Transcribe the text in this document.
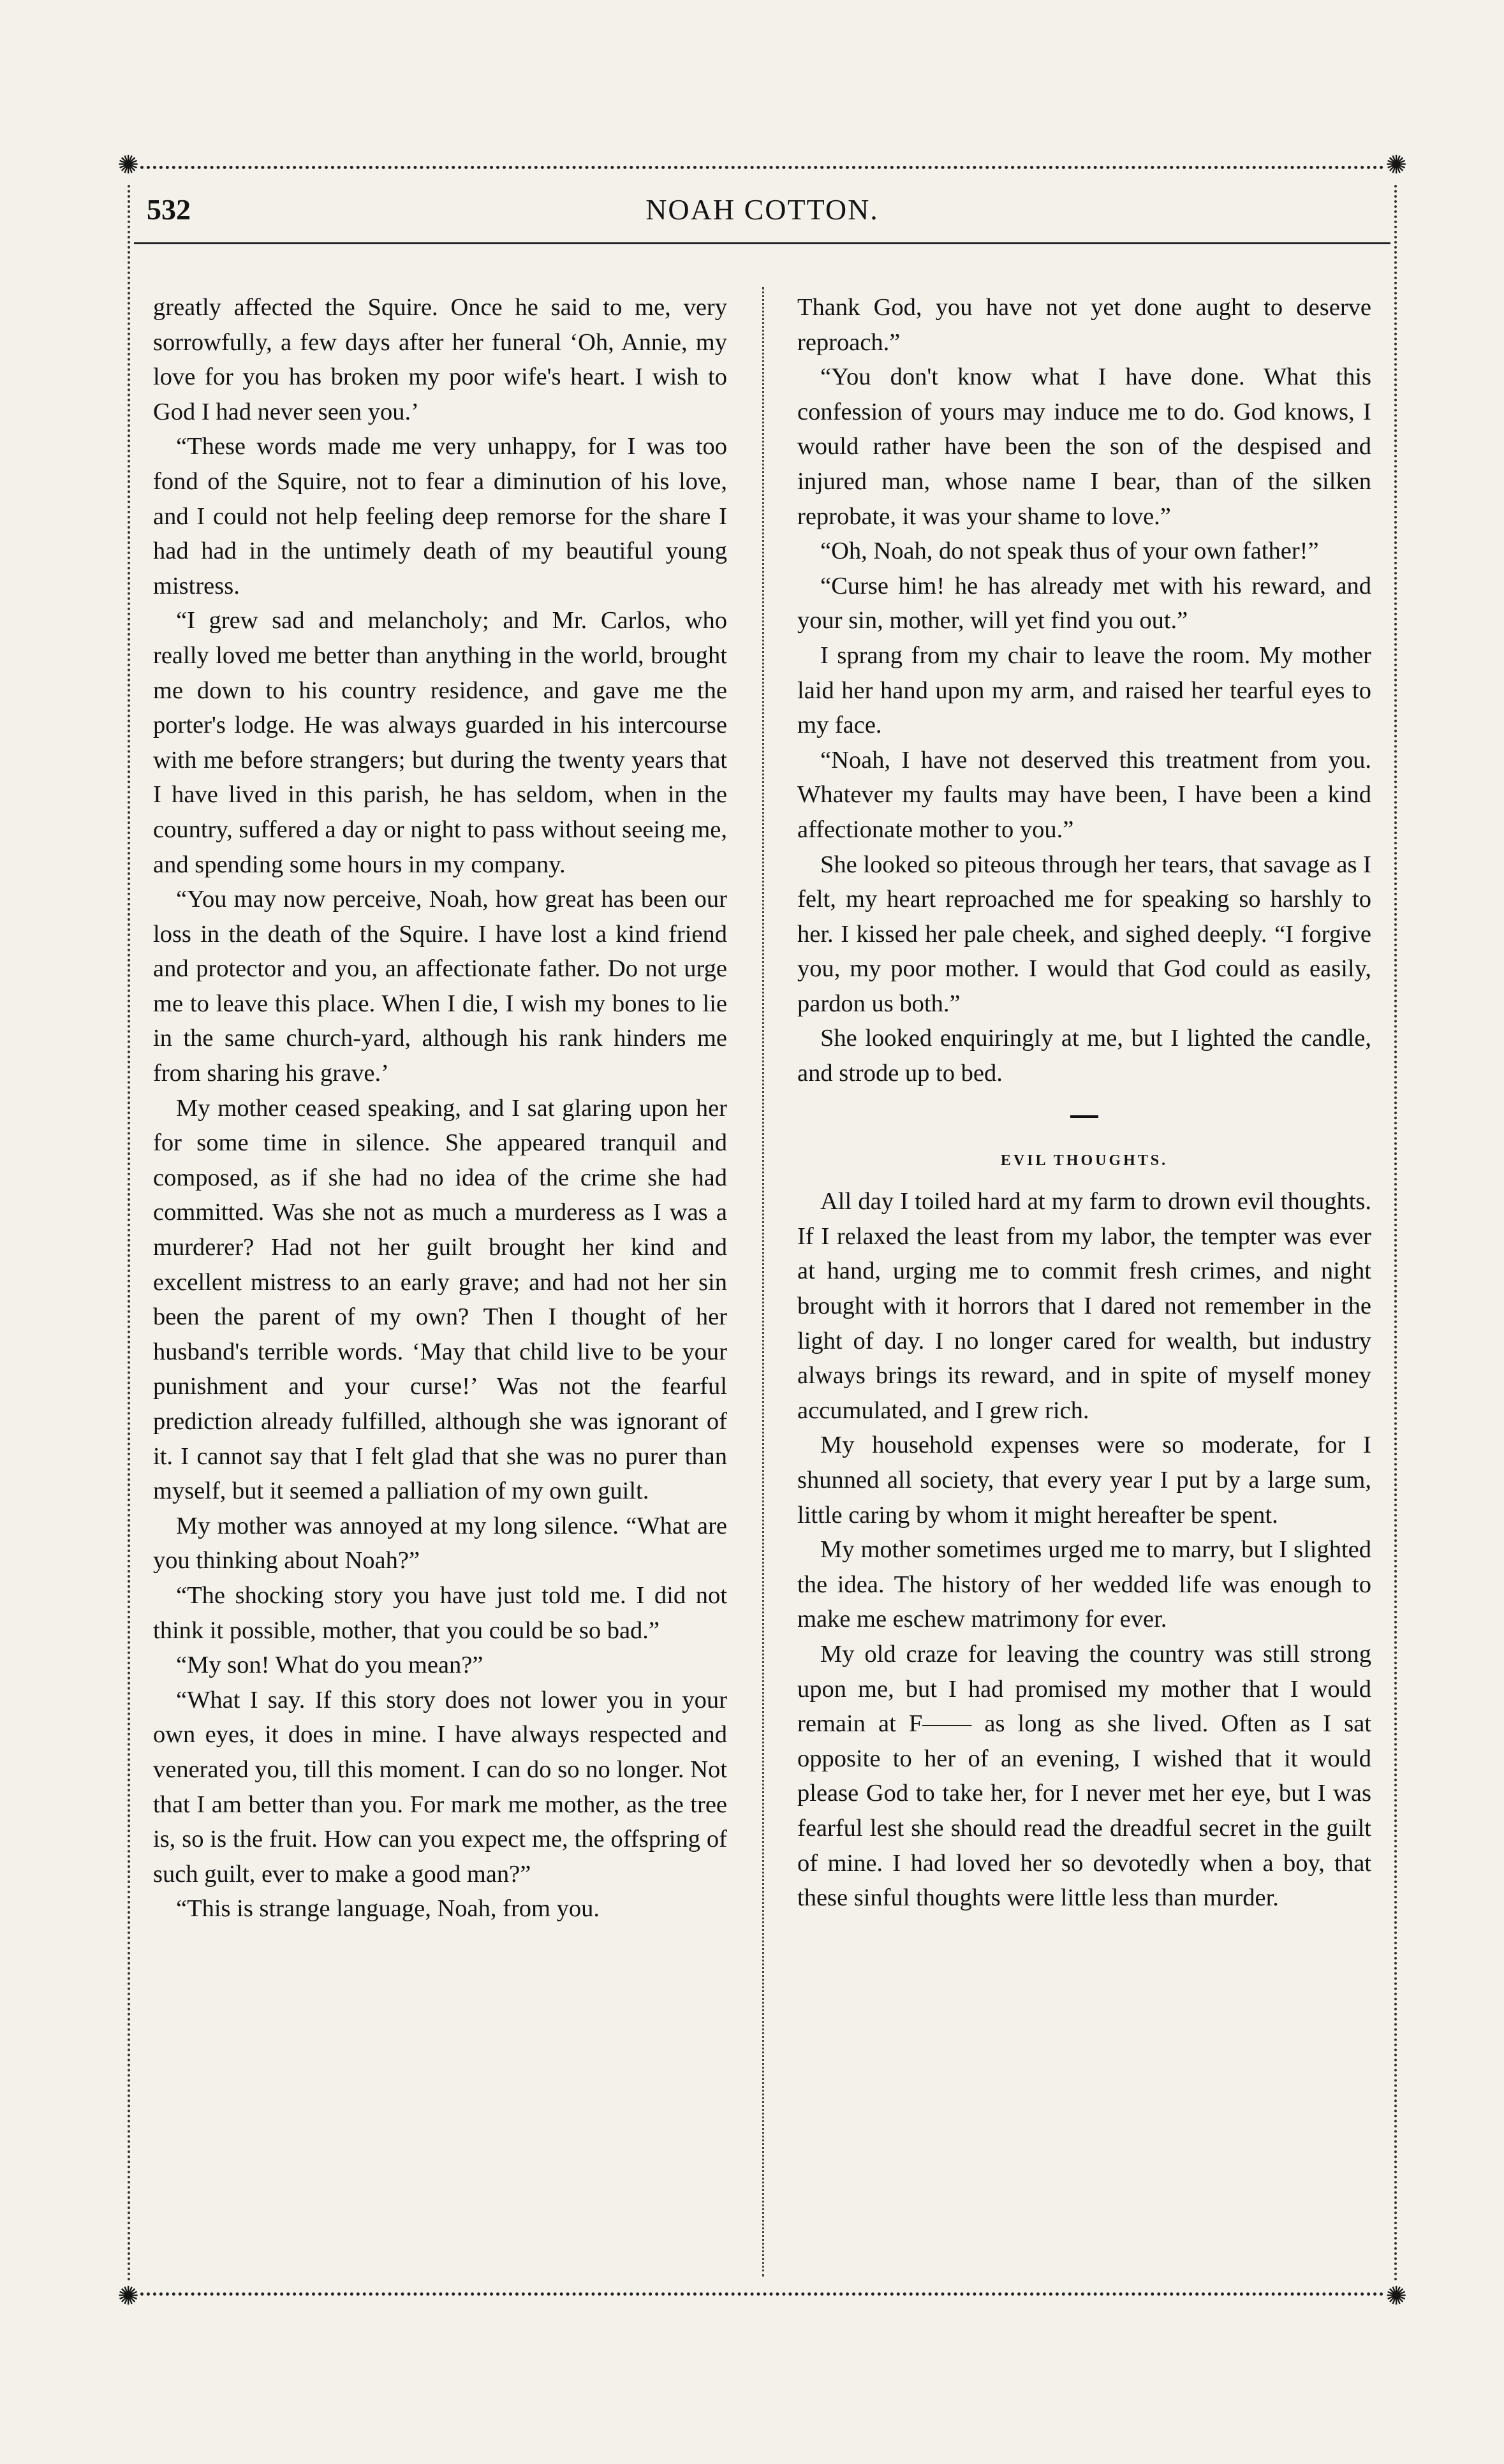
✺	✺
✺	✺
532	NOAH COTTON.

greatly affected the Squire. Once he said to me, very sorrowfully, a few days after her funeral ‘Oh, Annie, my love for you has broken my poor wife's heart. I wish to God I had never seen you.’

“These words made me very unhappy, for I was too fond of the Squire, not to fear a diminution of his love, and I could not help feeling deep remorse for the share I had had in the untimely death of my beautiful young mistress.

“I grew sad and melancholy; and Mr. Carlos, who really loved me better than anything in the world, brought me down to his country residence, and gave me the porter's lodge. He was always guarded in his intercourse with me before strangers; but during the twenty years that I have lived in this parish, he has seldom, when in the country, suffered a day or night to pass without seeing me, and spending some hours in my company.

“You may now perceive, Noah, how great has been our loss in the death of the Squire. I have lost a kind friend and protector and you, an affectionate father. Do not urge me to leave this place. When I die, I wish my bones to lie in the same church-yard, although his rank hinders me from sharing his grave.’

My mother ceased speaking, and I sat glaring upon her for some time in silence. She appeared tranquil and composed, as if she had no idea of the crime she had committed. Was she not as much a murderess as I was a murderer? Had not her guilt brought her kind and excellent mistress to an early grave; and had not her sin been the parent of my own? Then I thought of her husband's terrible words. ‘May that child live to be your punishment and your curse!’ Was not the fearful prediction already fulfilled, although she was ignorant of it. I cannot say that I felt glad that she was no purer than myself, but it seemed a palliation of my own guilt.

My mother was annoyed at my long silence. “What are you thinking about Noah?”

“The shocking story you have just told me. I did not think it possible, mother, that you could be so bad.”

“My son! What do you mean?”

“What I say. If this story does not lower you in your own eyes, it does in mine. I have always respected and venerated you, till this moment. I can do so no longer. Not that I am better than you. For mark me mother, as the tree is, so is the fruit. How can you expect me, the offspring of such guilt, ever to make a good man?”

“This is strange language, Noah, from you.

Thank God, you have not yet done aught to deserve reproach.”

“You don't know what I have done. What this confession of yours may induce me to do. God knows, I would rather have been the son of the despised and injured man, whose name I bear, than of the silken reprobate, it was your shame to love.”

“Oh, Noah, do not speak thus of your own father!”

“Curse him! he has already met with his reward, and your sin, mother, will yet find you out.”

I sprang from my chair to leave the room. My mother laid her hand upon my arm, and raised her tearful eyes to my face.

“Noah, I have not deserved this treatment from you. Whatever my faults may have been, I have been a kind affectionate mother to you.”

She looked so piteous through her tears, that savage as I felt, my heart reproached me for speaking so harshly to her. I kissed her pale cheek, and sighed deeply. “I forgive you, my poor mother. I would that God could as easily, pardon us both.”

She looked enquiringly at me, but I lighted the candle, and strode up to bed.

EVIL THOUGHTS.

All day I toiled hard at my farm to drown evil thoughts. If I relaxed the least from my labor, the tempter was ever at hand, urging me to commit fresh crimes, and night brought with it horrors that I dared not remember in the light of day. I no longer cared for wealth, but industry always brings its reward, and in spite of myself money accumulated, and I grew rich.

My household expenses were so moderate, for I shunned all society, that every year I put by a large sum, little caring by whom it might hereafter be spent.

My mother sometimes urged me to marry, but I slighted the idea. The history of her wedded life was enough to make me eschew matrimony for ever.

My old craze for leaving the country was still strong upon me, but I had promised my mother that I would remain at F—— as long as she lived. Often as I sat opposite to her of an evening, I wished that it would please God to take her, for I never met her eye, but I was fearful lest she should read the dreadful secret in the guilt of mine. I had loved her so devotedly when a boy, that these sinful thoughts were little less than murder.
